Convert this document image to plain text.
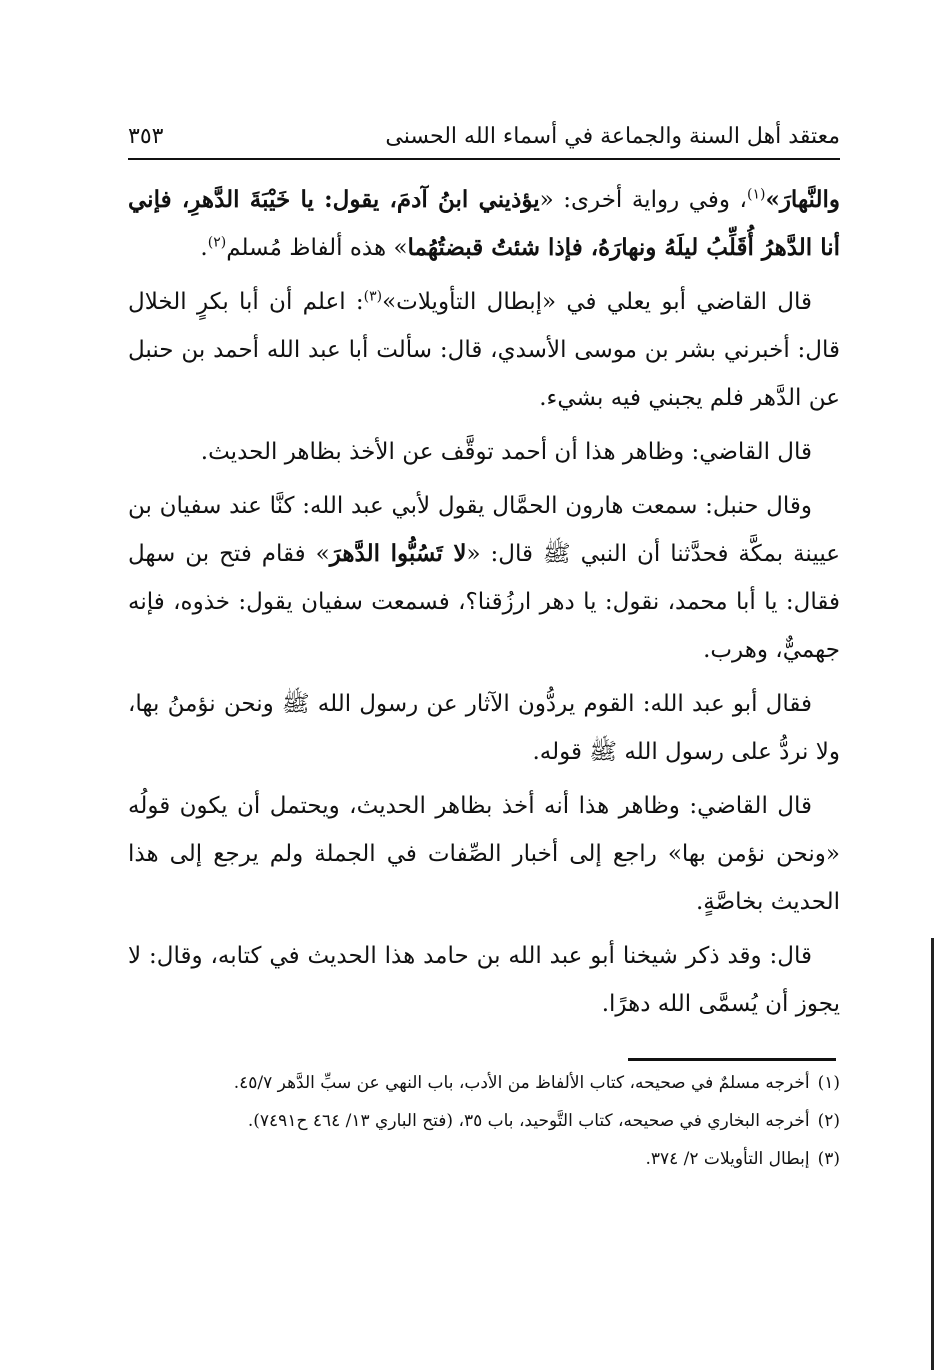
معتقد أهل السنة والجماعة في أسماء الله الحسنى
٣٥٣

والنَّهارَ»$^{(١)}$، وفي رواية أخرى: «يؤذيني ابنُ آدمَ، يقول: يا خَيْبَةَ الدَّهرِ، فإني أنا الدَّهرُ أُقَلِّبُ ليلَهُ ونهارَهُ، فإذا شئتُ قبضتُهُما» هذه ألفاظ مُسلم$^{(٢)}$.

قال القاضي أبو يعلي في «إبطال التأويلات»$^{(٣)}$: اعلم أن أبا بكرٍ الخلال قال: أخبرني بشر بن موسى الأسدي، قال: سألت أبا عبد الله أحمد بن حنبل عن الدَّهر فلم يجبني فيه بشيء.

قال القاضي: وظاهر هذا أن أحمد توقَّف عن الأخذ بظاهر الحديث.

وقال حنبل: سمعت هارون الحمَّال يقول لأبي عبد الله: كنَّا عند سفيان بن عيينة بمكَّة فحدَّثنا أن النبي ﷺ قال: «لا تَسُبُّوا الدَّهرَ» فقام فتح بن سهل فقال: يا أبا محمد، نقول: يا دهر ارزُقنا؟، فسمعت سفيان يقول: خذوه، فإنه جهميٌّ، وهرب.

فقال أبو عبد الله: القوم يردُّون الآثار عن رسول الله ﷺ ونحن نؤمنُ بها، ولا نردُّ على رسول الله ﷺ قوله.

قال القاضي: وظاهر هذا أنه أخذ بظاهر الحديث، ويحتمل أن يكون قولُه «ونحن نؤمن بها» راجع إلى أخبار الصِّفات في الجملة ولم يرجع إلى هذا الحديث بخاصَّةٍ.

قال: وقد ذكر شيخنا أبو عبد الله بن حامد هذا الحديث في كتابه، وقال: لا يجوز أن يُسمَّى الله دهرًا.

(١)أخرجه مسلمٌ في صحيحه، كتاب الألفاظ من الأدب، باب النهي عن سبِّ الدَّهر ٤٥/٧.

(٢)أخرجه البخاري في صحيحه، كتاب التَّوحيد، باب ٣٥، (فتح الباري ١٣/ ٤٦٤ ح٧٤٩١).

(٣)إبطال التأويلات ٢/ ٣٧٤.
